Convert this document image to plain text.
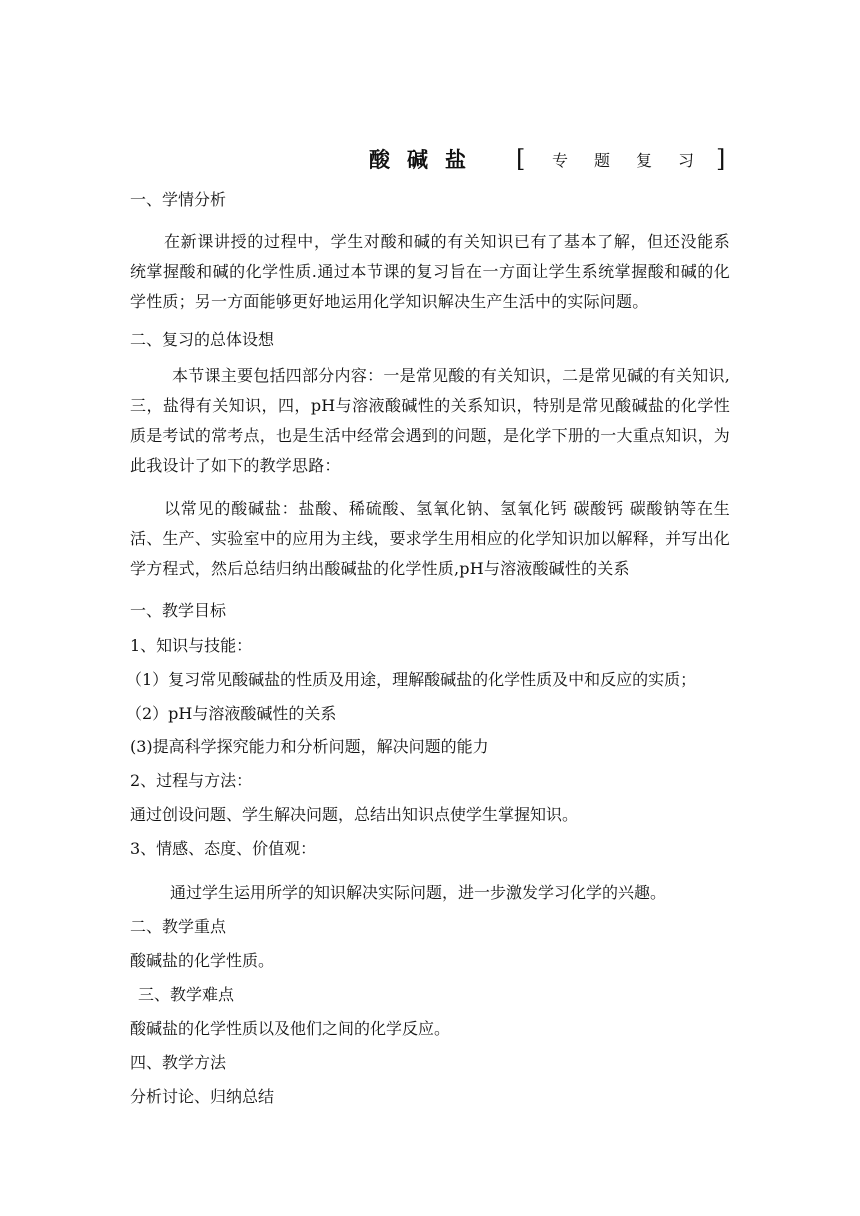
酸碱盐 [ 专题复习
]
一、学情分析
在新课讲授的过程中，学生对酸和碱的有关知识已有了基本了解，但还没能系统掌握酸和碱的化学性质.通过本节课的复习旨在一方面让学生系统掌握酸和碱的化学性质；另一方面能够更好地运用化学知识解决生产生活中的实际问题。
二、复习的总体设想
本节课主要包括四部分内容：一是常见酸的有关知识，二是常见碱的有关知识,三，盐得有关知识，四，pH与溶液酸碱性的关系知识，特别是常见酸碱盐的化学性质是考试的常考点，也是生活中经常会遇到的问题，是化学下册的一大重点知识，为此我设计了如下的教学思路：
以常见的酸碱盐：盐酸、稀硫酸、氢氧化钠、氢氧化钙 碳酸钙 碳酸钠等在生活、生产、实验室中的应用为主线，要求学生用相应的化学知识加以解释，并写出化学方程式，然后总结归纳出酸碱盐的化学性质,pH与溶液酸碱性的关系
一、教学目标
1、知识与技能：
（1）复习常见酸碱盐的性质及用途，理解酸碱盐的化学性质及中和反应的实质；
（2）pH与溶液酸碱性的关系
(3)提高科学探究能力和分析问题，解决问题的能力
2、过程与方法：
通过创设问题、学生解决问题，总结出知识点使学生掌握知识。
3、情感、态度、价值观：
通过学生运用所学的知识解决实际问题，进一步激发学习化学的兴趣。
二、教学重点
酸碱盐的化学性质。
三、教学难点
酸碱盐的化学性质以及他们之间的化学反应。
四、教学方法
分析讨论、归纳总结
